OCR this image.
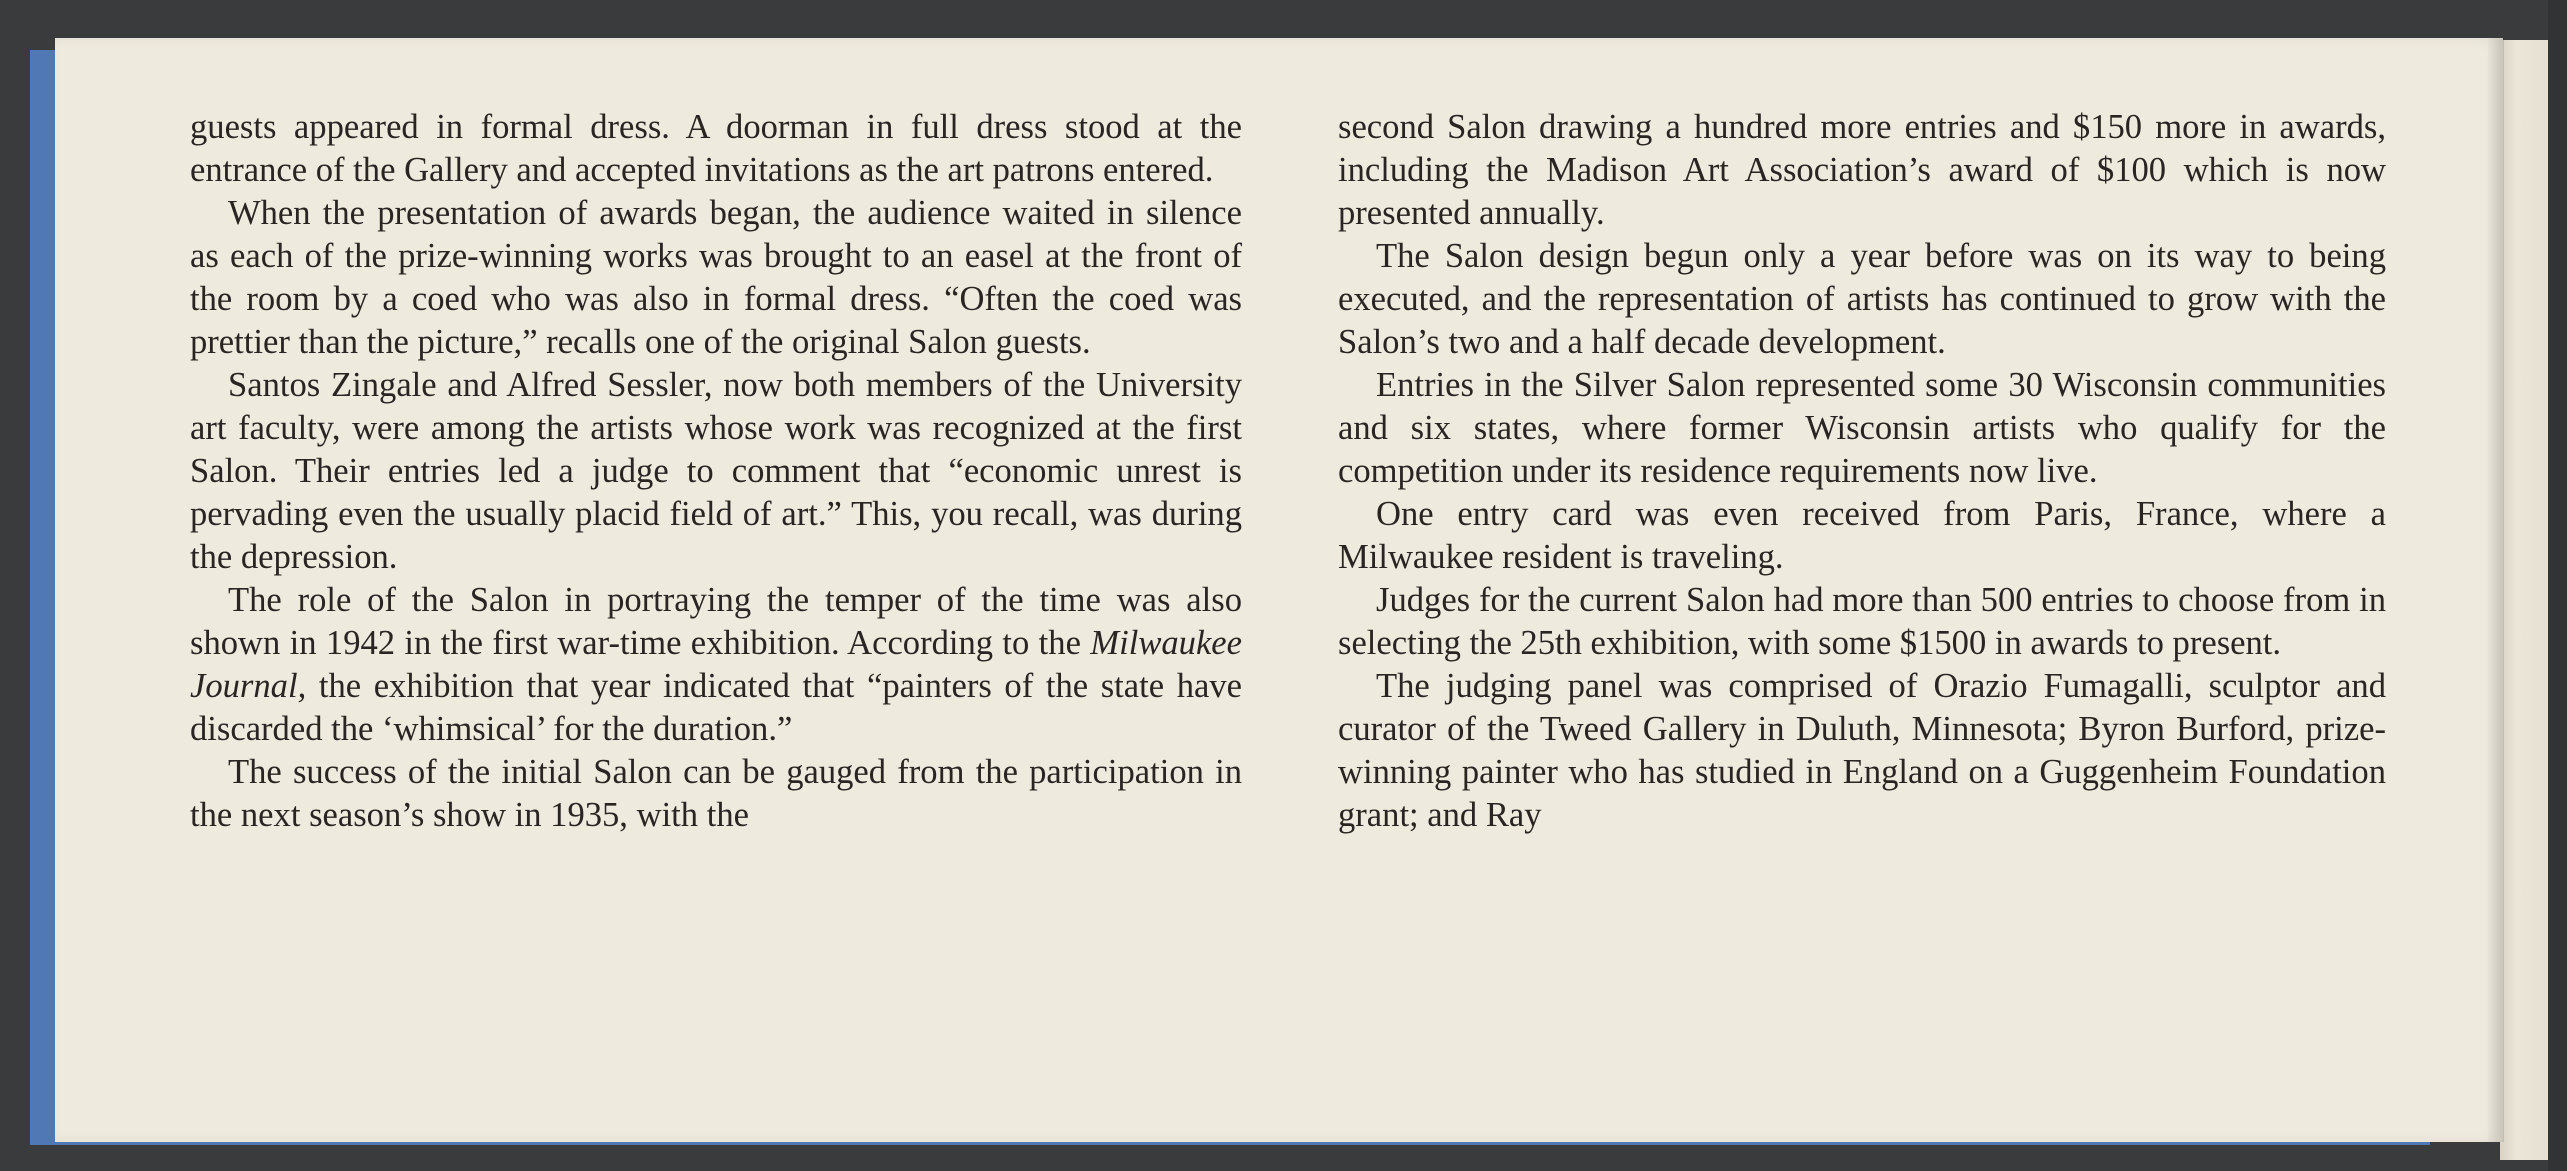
guests appeared in formal dress. A doorman in full dress stood at the entrance of the Gallery and accepted invitations as the art patrons entered.

When the presentation of awards began, the audience waited in silence as each of the prize-winning works was brought to an easel at the front of the room by a coed who was also in formal dress. “Often the coed was prettier than the picture,” recalls one of the original Salon guests.

Santos Zingale and Alfred Sessler, now both members of the University art faculty, were among the artists whose work was recognized at the first Salon. Their entries led a judge to comment that “economic unrest is pervading even the usually placid field of art.” This, you recall, was during the depression.

The role of the Salon in portraying the temper of the time was also shown in 1942 in the first war-time exhibition. According to the Milwaukee Journal, the exhibition that year indicated that “painters of the state have discarded the ‘whimsical’ for the duration.”

The success of the initial Salon can be gauged from the participation in the next season’s show in 1935, with the

second Salon drawing a hundred more entries and $150 more in awards, including the Madison Art Association’s award of $100 which is now presented annually.

The Salon design begun only a year before was on its way to being executed, and the representation of artists has continued to grow with the Salon’s two and a half decade development.

Entries in the Silver Salon represented some 30 Wisconsin communities and six states, where former Wisconsin artists who qualify for the competition under its residence requirements now live.

One entry card was even received from Paris, France, where a Milwaukee resident is traveling.

Judges for the current Salon had more than 500 entries to choose from in selecting the 25th exhibition, with some $1500 in awards to present.

The judging panel was comprised of Orazio Fumagalli, sculptor and curator of the Tweed Gallery in Duluth, Minnesota; Byron Burford, prize-winning painter who has studied in England on a Guggenheim Foundation grant; and Ray
